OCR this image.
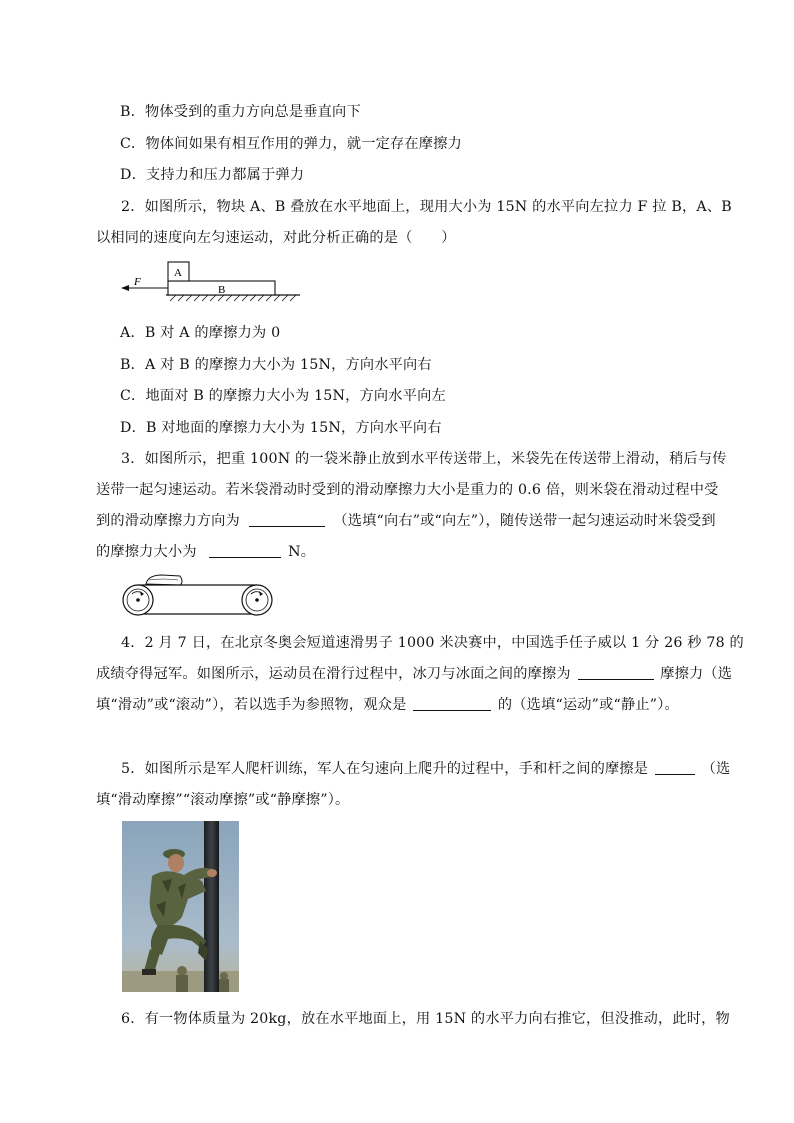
B．物体受到的重力方向总是垂直向下
C．物体间如果有相互作用的弹力，就一定存在摩擦力
D．支持力和压力都属于弹力
2．如图所示，物块 A、B 叠放在水平地面上，现用大小为 15N 的水平向左拉力 F 拉 B，A、B
以相同的速度向左匀速运动，对此分析正确的是（　　）
A
B
F
A．B 对 A 的摩擦力为 0
B．A 对 B 的摩擦力大小为 15N，方向水平向右
C．地面对 B 的摩擦力大小为 15N，方向水平向左
D．B 对地面的摩擦力大小为 15N，方向水平向右
3．如图所示，把重 100N 的一袋米静止放到水平传送带上，米袋先在传送带上滑动，稍后与传
送带一起匀速运动。若米袋滑动时受到的滑动摩擦力大小是重力的 0.6 倍，则米袋在滑动过程中受
到的滑动摩擦力方向为	（选填“向右”或“向左”），随传送带一起匀速运动时米袋受到
的摩擦力大小为	N。
4．2 月 7 日，在北京冬奥会短道速滑男子 1000 米决赛中，中国选手任子威以 1 分 26 秒 78 的
成绩夺得冠军。如图所示，运动员在滑行过程中，冰刀与冰面之间的摩擦为	摩擦力（选
填“滑动”或“滚动”），若以选手为参照物，观众是	的（选填“运动”或“静止”）。
5．如图所示是军人爬杆训练，军人在匀速向上爬升的过程中，手和杆之间的摩擦是	（选
填“滑动摩擦”“滚动摩擦”或“静摩擦”）。
6．有一物体质量为 20kg，放在水平地面上，用 15N 的水平力向右推它，但没推动，此时，物
